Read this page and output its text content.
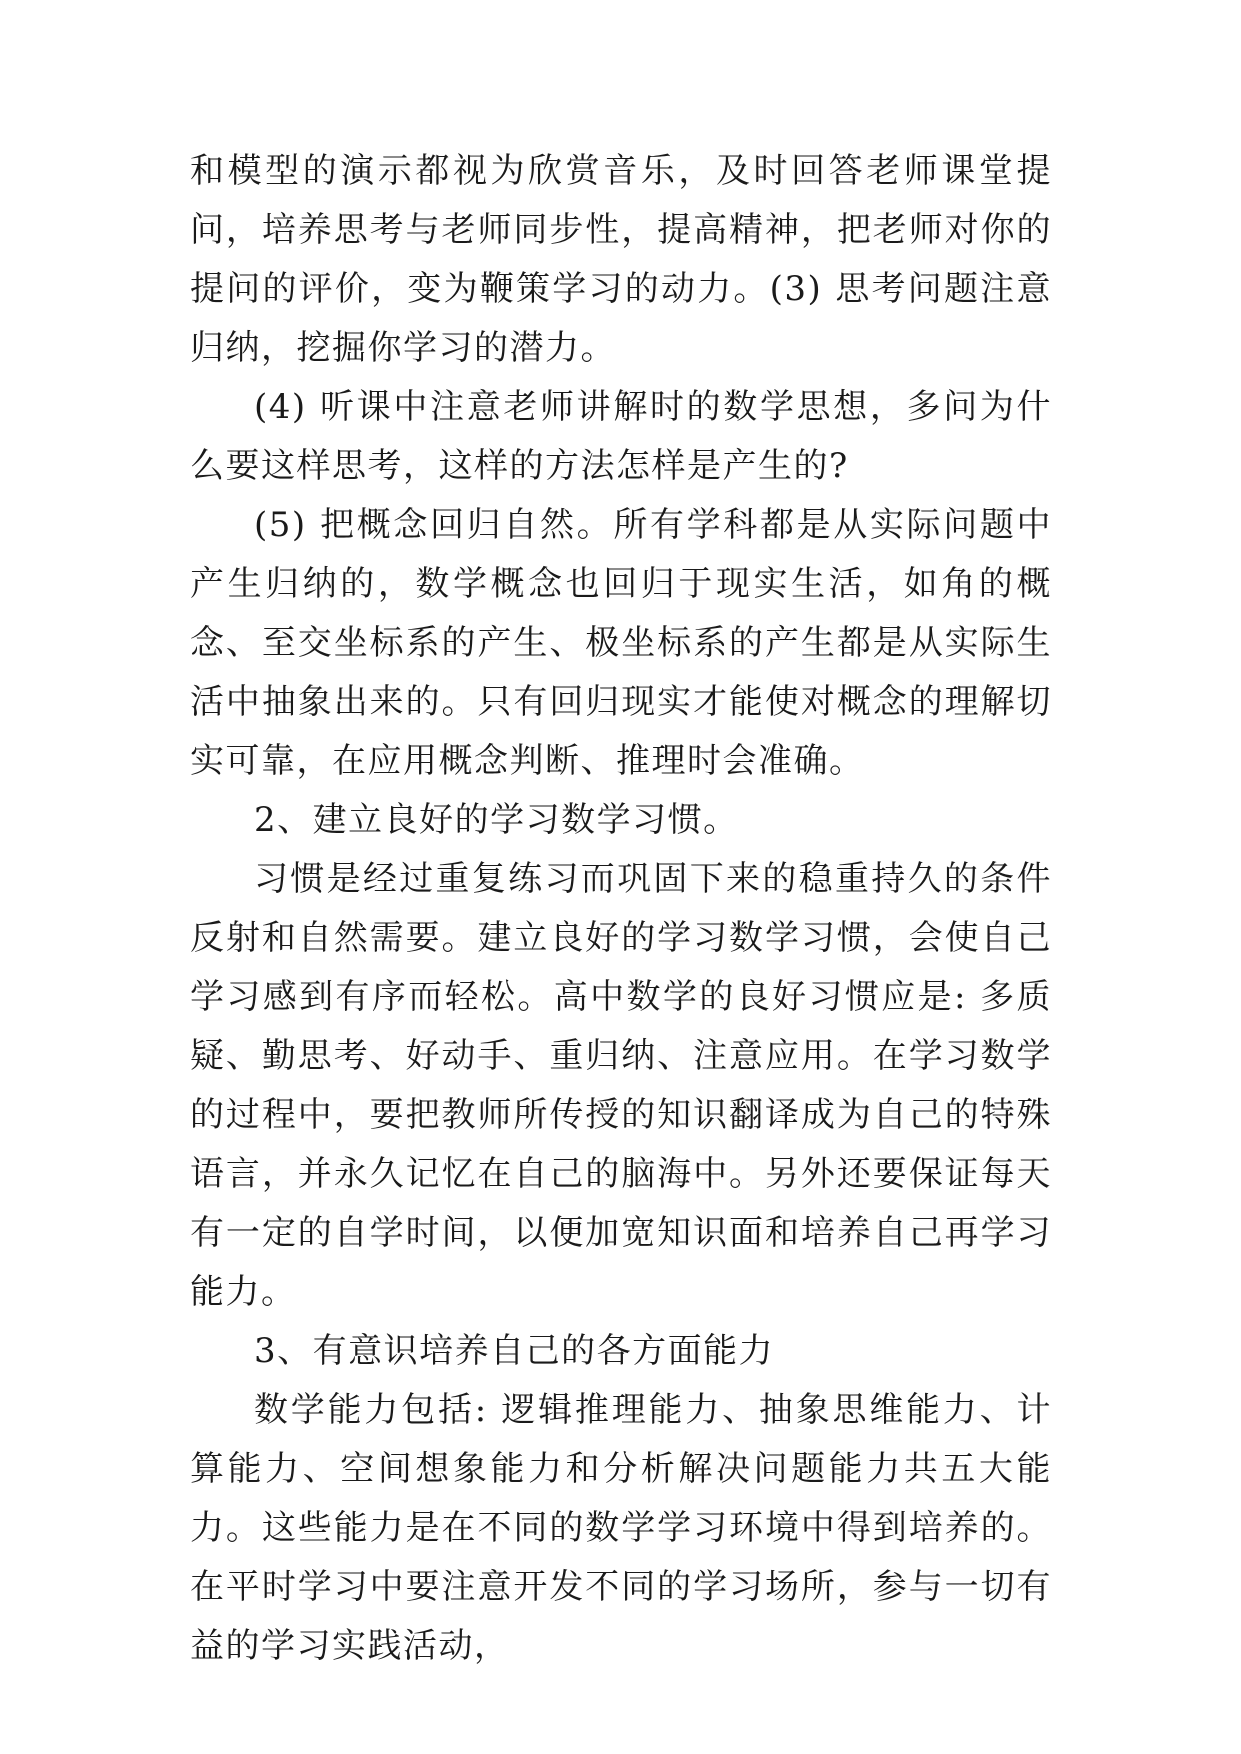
和模型的演示都视为欣赏音乐，及时回答老师课堂提问，培养思考与老师同步性，提高精神，把老师对你的提问的评价，变为鞭策学习的动力。(3) 思考问题注意归纳，挖掘你学习的潜力。

(4) 听课中注意老师讲解时的数学思想，多问为什么要这样思考，这样的方法怎样是产生的?

(5) 把概念回归自然。所有学科都是从实际问题中产生归纳的，数学概念也回归于现实生活，如角的概念、至交坐标系的产生、极坐标系的产生都是从实际生活中抽象出来的。只有回归现实才能使对概念的理解切实可靠，在应用概念判断、推理时会准确。

2、建立良好的学习数学习惯。

习惯是经过重复练习而巩固下来的稳重持久的条件反射和自然需要。建立良好的学习数学习惯，会使自己学习感到有序而轻松。高中数学的良好习惯应是: 多质疑、勤思考、好动手、重归纳、注意应用。在学习数学的过程中，要把教师所传授的知识翻译成为自己的特殊语言，并永久记忆在自己的脑海中。另外还要保证每天有一定的自学时间，以便加宽知识面和培养自己再学习能力。

3、有意识培养自己的各方面能力

数学能力包括: 逻辑推理能力、抽象思维能力、计算能力、空间想象能力和分析解决问题能力共五大能力。这些能力是在不同的数学学习环境中得到培养的。在平时学习中要注意开发不同的学习场所，参与一切有益的学习实践活动，
